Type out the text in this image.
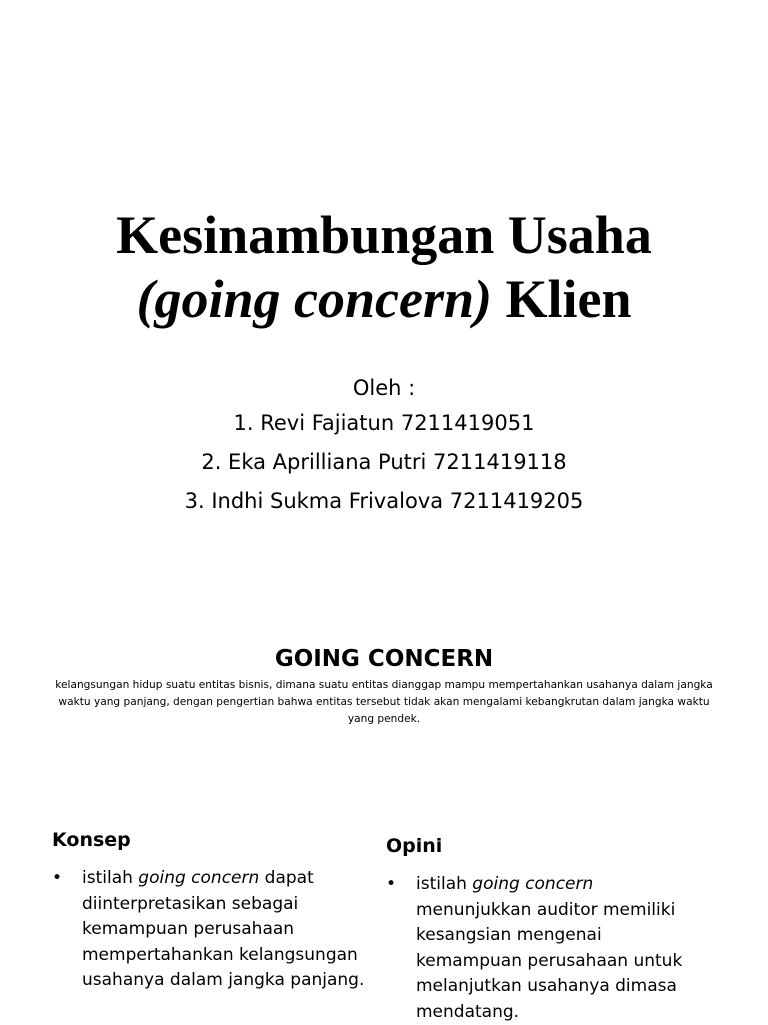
Kesinambungan Usaha
(going concern) Klien
Oleh :
1. Revi Fajiatun 7211419051
2. Eka Aprilliana Putri 7211419118
3. Indhi Sukma Frivalova 7211419205
GOING CONCERN

kelangsungan hidup suatu entitas bisnis, dimana suatu entitas dianggap mampu mempertahankan usahanya dalam jangka waktu yang panjang, dengan pengertian bahwa entitas tersebut tidak akan mengalami kebangkrutan dalam jangka waktu yang pendek.

Konsep
•	istilah going concern dapat diinterpretasikan sebagai kemampuan perusahaan mempertahankan kelangsungan usahanya dalam jangka panjang.
Opini
•	istilah going concern menunjukkan auditor memiliki kesangsian mengenai kemampuan perusahaan untuk melanjutkan usahanya dimasa mendatang.
